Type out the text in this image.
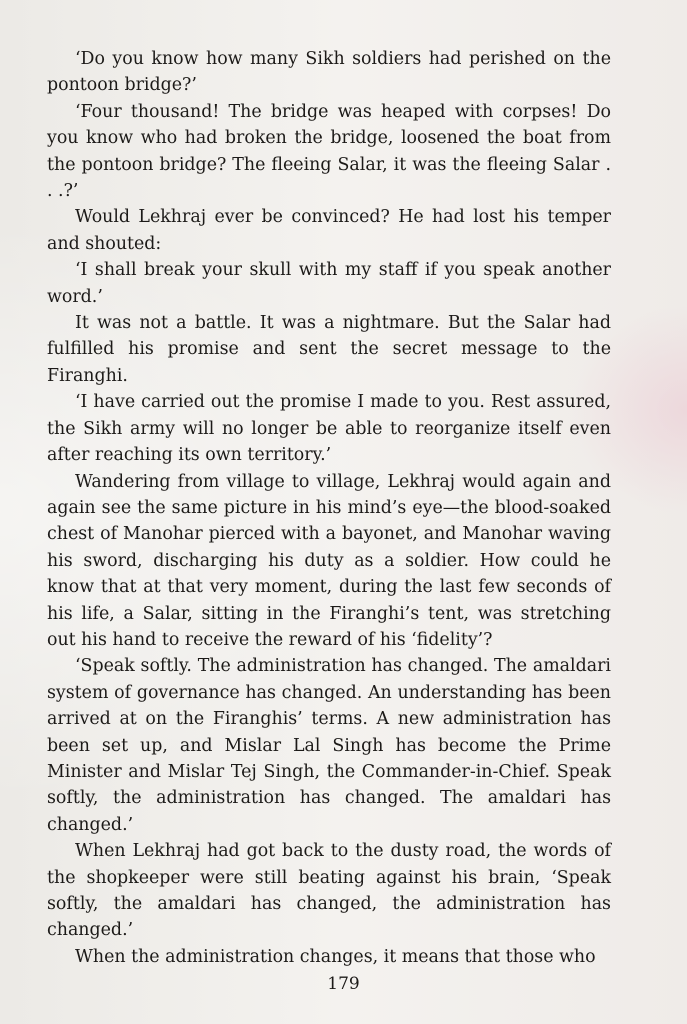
‘Do you know how many Sikh soldiers had perished on the pontoon bridge?’

‘Four thousand! The bridge was heaped with corpses! Do you know who had broken the bridge, loosened the boat from the pontoon bridge? The fleeing Salar, it was the fleeing Salar . . .?’

Would Lekhraj ever be convinced? He had lost his temper and shouted:

‘I shall break your skull with my staff if you speak another word.’

It was not a battle. It was a nightmare. But the Salar had fulfilled his promise and sent the secret message to the Firanghi.

‘I have carried out the promise I made to you. Rest assured, the Sikh army will no longer be able to reorganize itself even after reaching its own territory.’

Wandering from village to village, Lekhraj would again and again see the same picture in his mind’s eye—the blood-soaked chest of Manohar pierced with a bayonet, and Manohar waving his sword, discharging his duty as a soldier. How could he know that at that very moment, during the last few seconds of his life, a Salar, sitting in the Firanghi’s tent, was stretching out his hand to receive the reward of his ‘fidelity’?

‘Speak softly. The administration has changed. The amaldari system of governance has changed. An understanding has been arrived at on the Firanghis’ terms. A new administration has been set up, and Mislar Lal Singh has become the Prime Minister and Mislar Tej Singh, the Commander-in-Chief. Speak softly, the administration has changed. The amaldari has changed.’

When Lekhraj had got back to the dusty road, the words of the shopkeeper were still beating against his brain, ‘Speak softly, the amaldari has changed, the administration has changed.’

When the administration changes, it means that those who

179
